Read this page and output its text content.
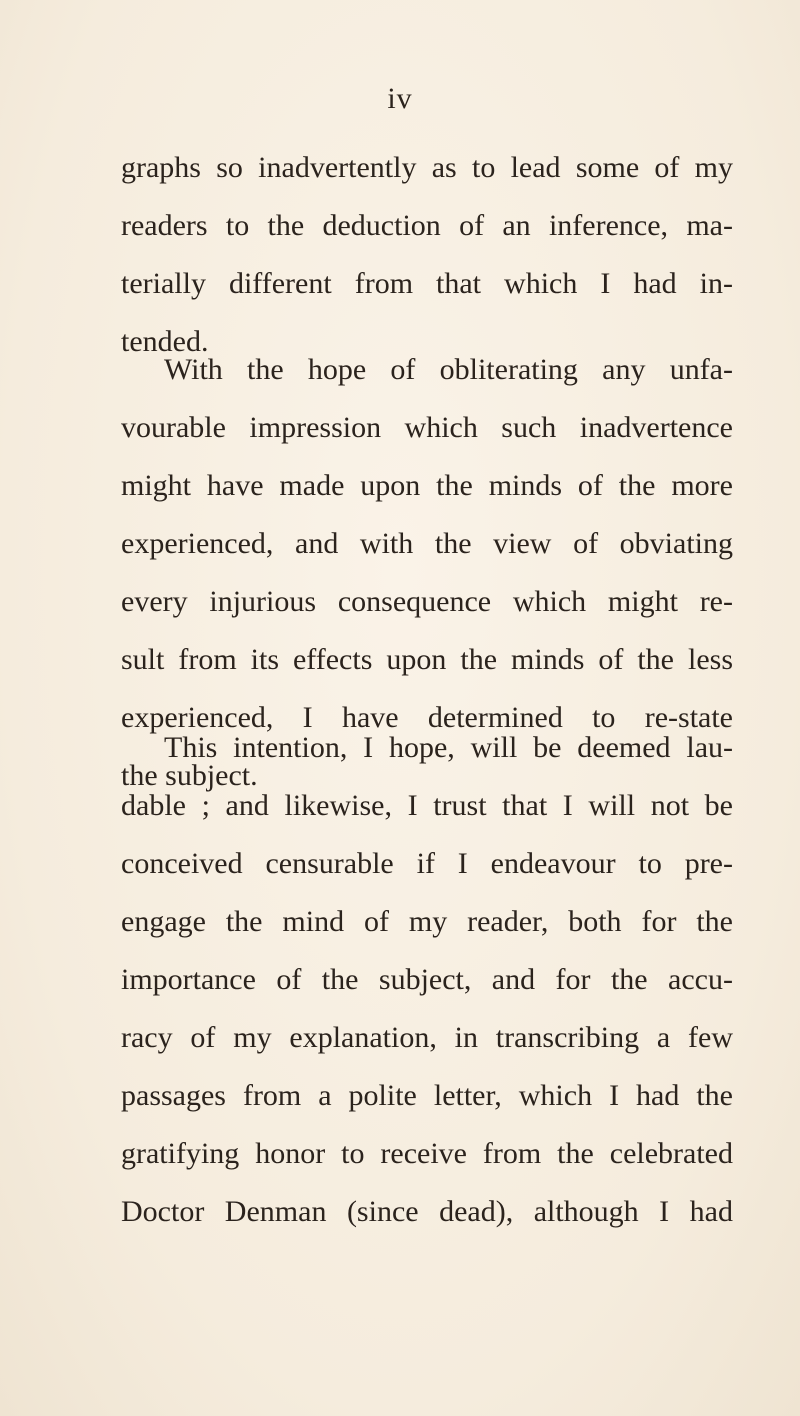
iv
graphs so inadvertently as to lead some of my
readers to the deduction of an inference, ma-
terially different from that which I had in-
tended.
With the hope of obliterating any unfa-
vourable impression which such inadvertence
might have made upon the minds of the more
experienced, and with the view of obviating
every injurious consequence which might re-
sult from its effects upon the minds of the less
experienced, I have determined to re-state
the subject.
This intention, I hope, will be deemed lau-
dable ; and likewise, I trust that I will not be
conceived censurable if I endeavour to pre-
engage the mind of my reader, both for the
importance of the subject, and for the accu-
racy of my explanation, in transcribing a few
passages from a polite letter, which I had the
gratifying honor to receive from the celebrated
Doctor Denman (since dead), although I had
